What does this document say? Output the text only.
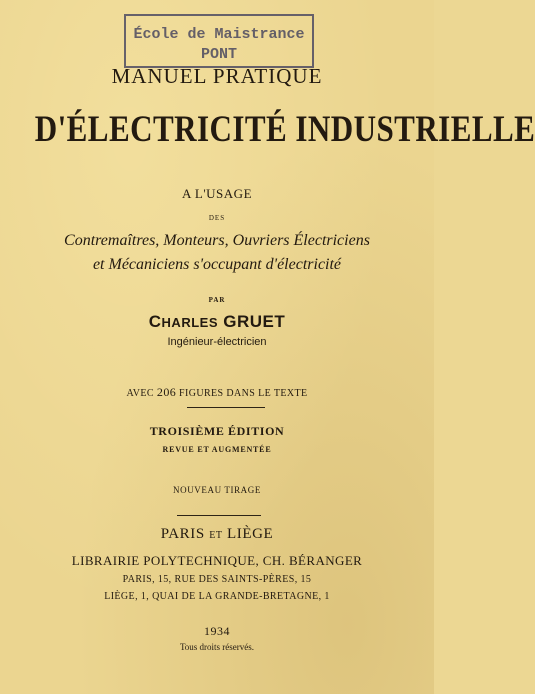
École de Maistrance
PONT
MANUEL PRATIQUE
D'ÉLECTRICITÉ INDUSTRIELLE
A L'USAGE
DES
Contremaîtres, Monteurs, Ouvriers Électriciens
et Mécaniciens s'occupant d'électricité
PAR
CHARLES GRUET
Ingénieur-électricien
AVEC 206 FIGURES DANS LE TEXTE
TROISIÈME ÉDITION
REVUE ET AUGMENTÉE
NOUVEAU TIRAGE
PARIS ET LIÈGE
LIBRAIRIE POLYTECHNIQUE, CH. BÉRANGER
PARIS, 15, RUE DES SAINTS-PÈRES, 15
LIÈGE, 1, QUAI DE LA GRANDE-BRETAGNE, 1
1934
Tous droits réservés.
